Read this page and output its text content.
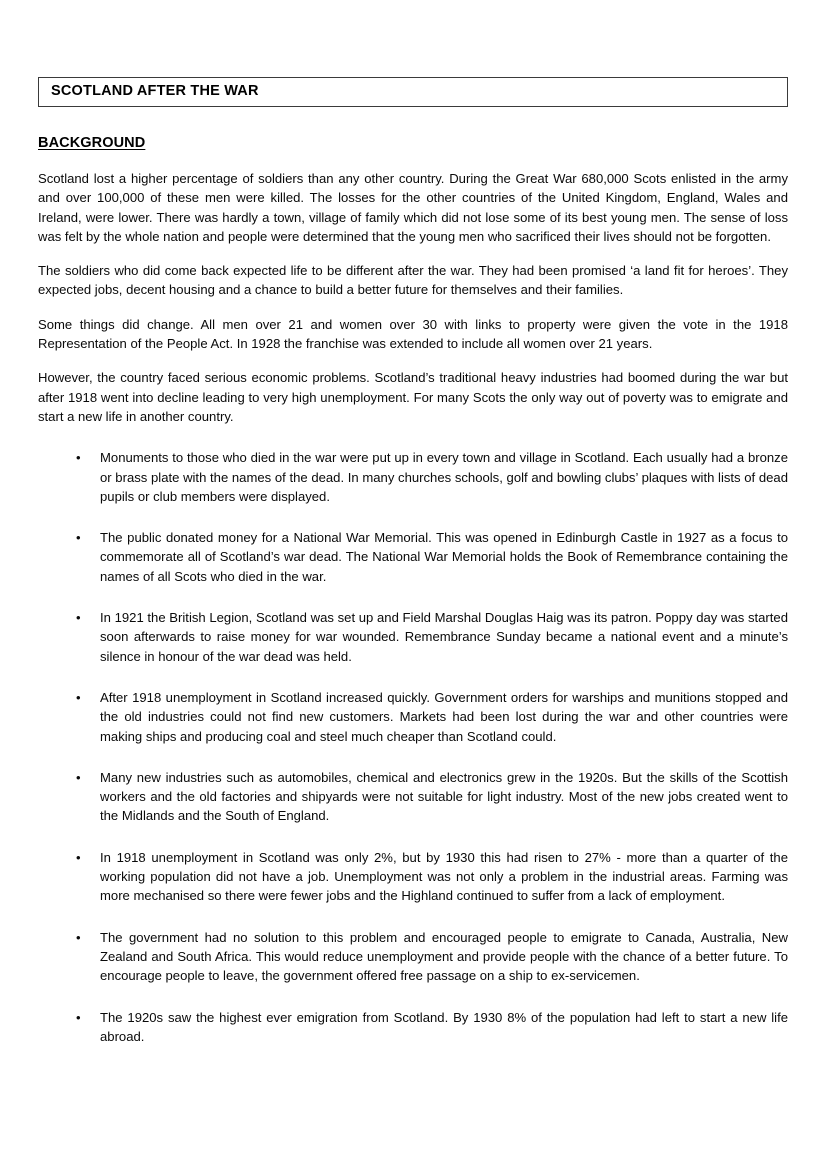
SCOTLAND AFTER THE WAR
BACKGROUND

Scotland lost a higher percentage of soldiers than any other country. During the Great War 680,000 Scots enlisted in the army and over 100,000 of these men were killed. The losses for the other countries of the United Kingdom, England, Wales and Ireland, were lower. There was hardly a town, village of family which did not lose some of its best young men. The sense of loss was felt by the whole nation and people were determined that the young men who sacrificed their lives should not be forgotten.

The soldiers who did come back expected life to be different after the war. They had been promised ‘a land fit for heroes’. They expected jobs, decent housing and a chance to build a better future for themselves and their families.

Some things did change. All men over 21 and women over 30 with links to property were given the vote in the 1918 Representation of the People Act. In 1928 the franchise was extended to include all women over 21 years.

However, the country faced serious economic problems. Scotland’s traditional heavy industries had boomed during the war but after 1918 went into decline leading to very high unemployment. For many Scots the only way out of poverty was to emigrate and start a new life in another country.

•	Monuments to those who died in the war were put up in every town and village in Scotland. Each usually had a bronze or brass plate with the names of the dead. In many churches schools, golf and bowling clubs’ plaques with lists of dead pupils or club members were displayed.
•	The public donated money for a National War Memorial. This was opened in Edinburgh Castle in 1927 as a focus to commemorate all of Scotland’s war dead. The National War Memorial holds the Book of Remembrance containing the names of all Scots who died in the war.
•	In 1921 the British Legion, Scotland was set up and Field Marshal Douglas Haig was its patron. Poppy day was started soon afterwards to raise money for war wounded. Remembrance Sunday became a national event and a minute’s silence in honour of the war dead was held.
•	After 1918 unemployment in Scotland increased quickly. Government orders for warships and munitions stopped and the old industries could not find new customers. Markets had been lost during the war and other countries were making ships and producing coal and steel much cheaper than Scotland could.
•	Many new industries such as automobiles, chemical and electronics grew in the 1920s. But the skills of the Scottish workers and the old factories and shipyards were not suitable for light industry. Most of the new jobs created went to the Midlands and the South of England.
•	In 1918 unemployment in Scotland was only 2%, but by 1930 this had risen to 27% - more than a quarter of the working population did not have a job. Unemployment was not only a problem in the industrial areas. Farming was more mechanised so there were fewer jobs and the Highland continued to suffer from a lack of employment.
•	The government had no solution to this problem and encouraged people to emigrate to Canada, Australia, New Zealand and South Africa. This would reduce unemployment and provide people with the chance of a better future. To encourage people to leave, the government offered free passage on a ship to ex-servicemen.
•	The 1920s saw the highest ever emigration from Scotland. By 1930 8% of the population had left to start a new life abroad.
